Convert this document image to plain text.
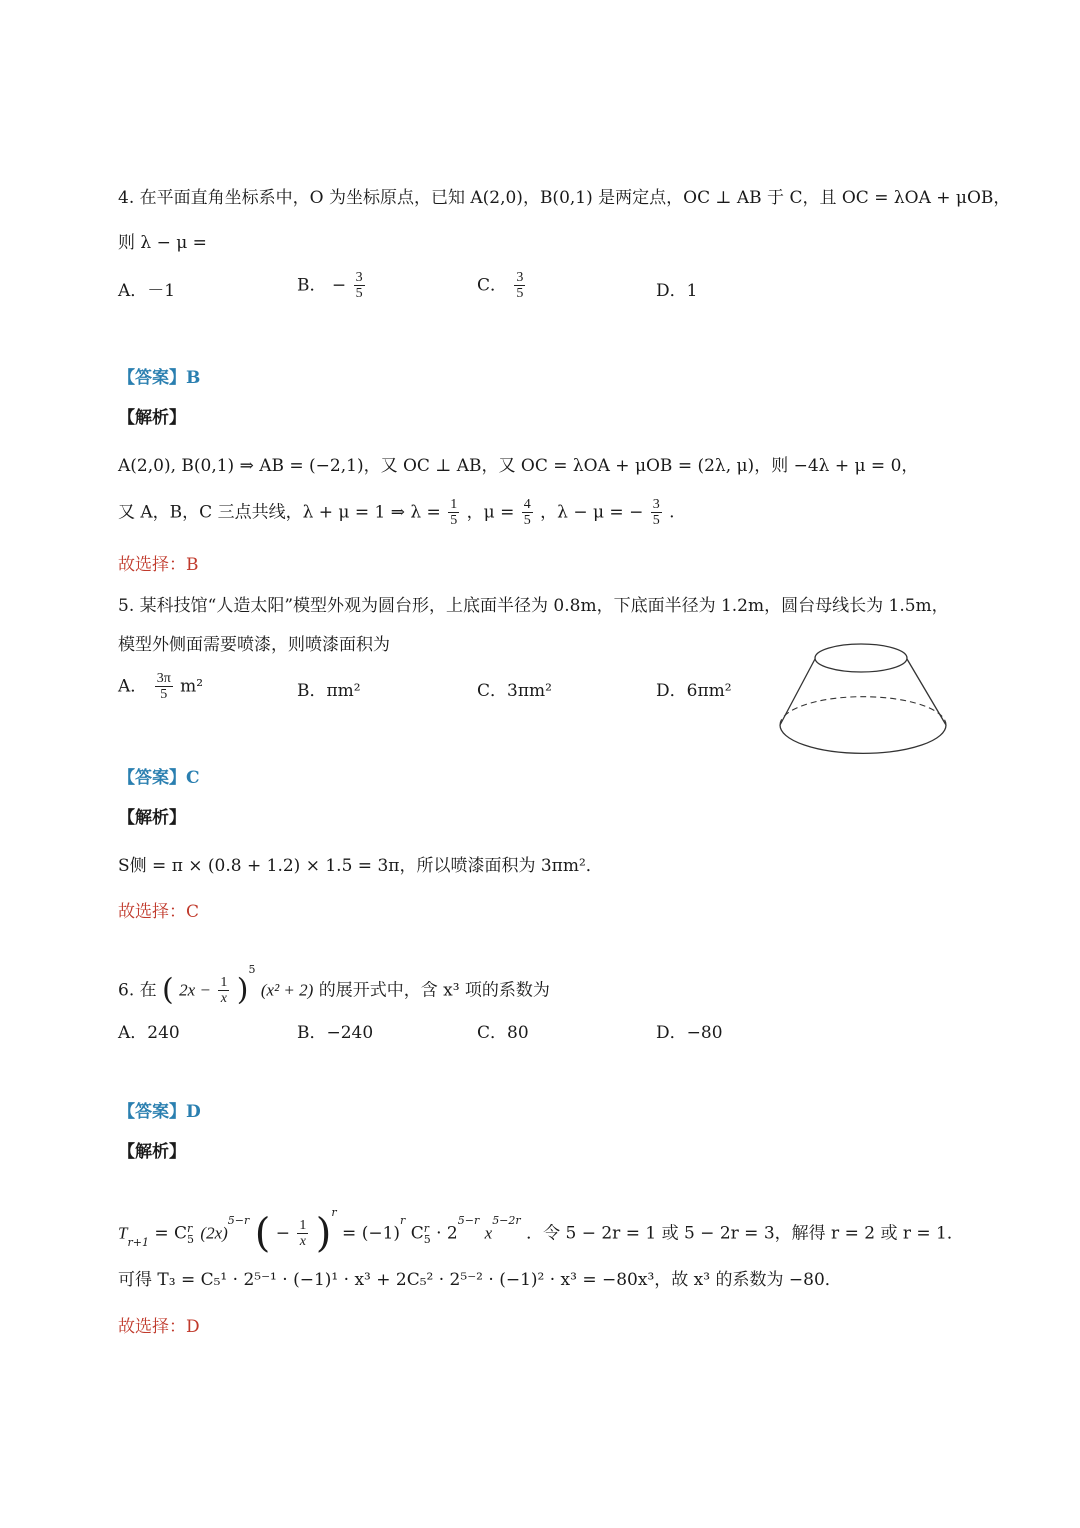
4. 在平面直角坐标系中，O 为坐标原点，已知 A(2,0)，B(0,1) 是两定点，OC ⊥ AB 于 C，且 OC = λOA + μOB，
则 λ − μ =
A．－1	B． − $\frac{3}{5}$	C． $\frac{3}{5}$	D．1
【答案】B
【解析】
A(2,0), B(0,1) ⇒ AB = (−2,1)，又 OC ⊥ AB，又 OC = λOA + μOB = (2λ, μ)，则 −4λ + μ = 0，
又 A，B，C 三点共线，λ + μ = 1 ⇒ $\lambda = \frac{1}{5}$ ，$\mu = \frac{4}{5}$ ，λ − μ = − $\frac{3}{5}$ .
故选择：B
5. 某科技馆“人造太阳”模型外观为圆台形，上底面半径为 0.8m，下底面半径为 1.2m，圆台母线长为 1.5m，
模型外侧面需要喷漆，则喷漆面积为
A． $\frac{3\pi}{5} m^2$	B．πm²	C．3πm²	D．6πm²
【答案】C
【解析】
S侧 = π × (0.8 + 1.2) × 1.5 = 3π，所以喷漆面积为 3πm²．
故选择：C
6. 在 ( $2x - \frac{1}{x} )^5$ (x² + 2) 的展开式中，含 x³ 项的系数为
A．240	B．−240	C．80	D．−80
【答案】D
【解析】
$T_{r+1} = C$ r
5 $(2x)^{5-r}$ ( − $\frac{1}{x} )^r = (-1)^r$ C r
$5 \cdot 2^{5-r}$ $x^{5-2r}$ ．令 5 − 2r = 1 或 5 − 2r = 3，解得 r = 2 或 r = 1．
可得 T₃ = C₅¹ · 2⁵⁻¹ · (−1)¹ · x³ + 2C₅² · 2⁵⁻² · (−1)² · x³ = −80x³，故 x³ 的系数为 −80．
故选择：D
